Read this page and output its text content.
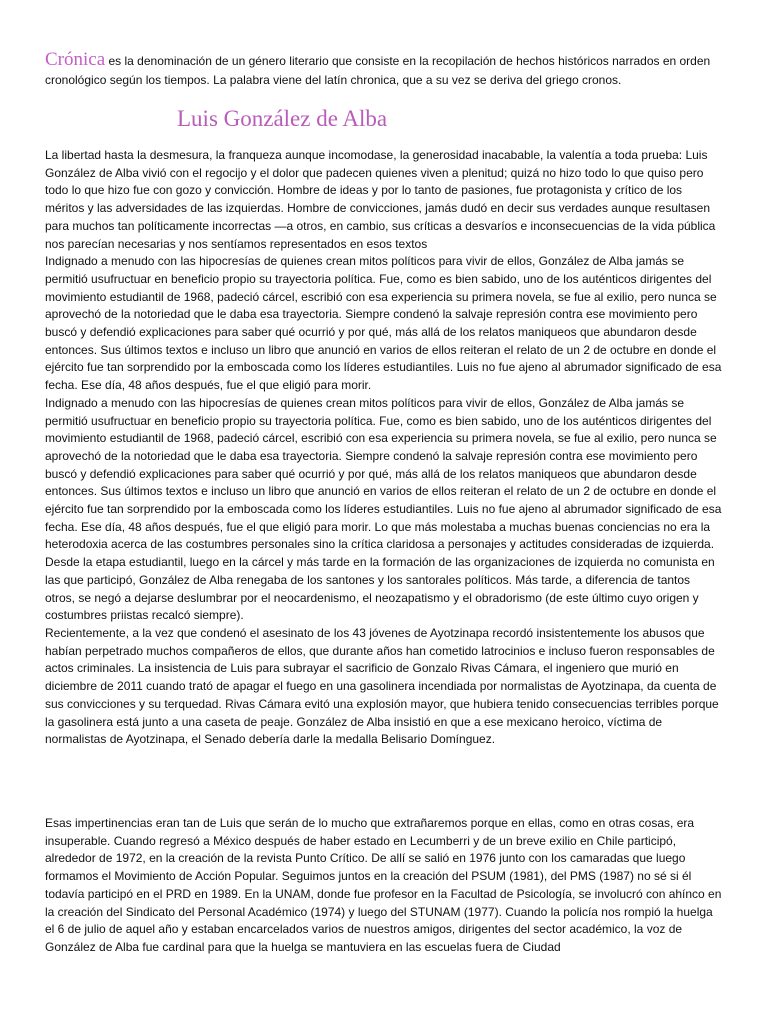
Crónica es la denominación de un género literario que consiste en la recopilación de hechos históricos narrados en orden cronológico según los tiempos. La palabra viene del latín chronica, que a su vez se deriva del griego cronos.

Luis González de Alba

La libertad hasta la desmesura, la franqueza aunque incomodase, la generosidad inacabable, la valentía a toda prueba: Luis González de Alba vivió con el regocijo y el dolor que padecen quienes viven a plenitud; quizá no hizo todo lo que quiso pero todo lo que hizo fue con gozo y convicción. Hombre de ideas y por lo tanto de pasiones, fue protagonista y crítico de los méritos y las adversidades de las izquierdas. Hombre de convicciones, jamás dudó en decir sus verdades aunque resultasen para muchos tan políticamente incorrectas —a otros, en cambio, sus críticas a desvaríos e inconsecuencias de la vida pública nos parecían necesarias y nos sentíamos representados en esos textos

Indignado a menudo con las hipocresías de quienes crean mitos políticos para vivir de ellos, González de Alba jamás se permitió usufructuar en beneficio propio su trayectoria política. Fue, como es bien sabido, uno de los auténticos dirigentes del movimiento estudiantil de 1968, padeció cárcel, escribió con esa experiencia su primera novela, se fue al exilio, pero nunca se aprovechó de la notoriedad que le daba esa trayectoria. Siempre condenó la salvaje represión contra ese movimiento pero buscó y defendió explicaciones para saber qué ocurrió y por qué, más allá de los relatos maniqueos que abundaron desde entonces. Sus últimos textos e incluso un libro que anunció en varios de ellos reiteran el relato de un 2 de octubre en donde el ejército fue tan sorprendido por la emboscada como los líderes estudiantiles. Luis no fue ajeno al abrumador significado de esa fecha. Ese día, 48 años después, fue el que eligió para morir.

Indignado a menudo con las hipocresías de quienes crean mitos políticos para vivir de ellos, González de Alba jamás se permitió usufructuar en beneficio propio su trayectoria política. Fue, como es bien sabido, uno de los auténticos dirigentes del movimiento estudiantil de 1968, padeció cárcel, escribió con esa experiencia su primera novela, se fue al exilio, pero nunca se aprovechó de la notoriedad que le daba esa trayectoria. Siempre condenó la salvaje represión contra ese movimiento pero buscó y defendió explicaciones para saber qué ocurrió y por qué, más allá de los relatos maniqueos que abundaron desde entonces. Sus últimos textos e incluso un libro que anunció en varios de ellos reiteran el relato de un 2 de octubre en donde el ejército fue tan sorprendido por la emboscada como los líderes estudiantiles. Luis no fue ajeno al abrumador significado de esa fecha. Ese día, 48 años después, fue el que eligió para morir. Lo que más molestaba a muchas buenas conciencias no era la heterodoxia acerca de las costumbres personales sino la crítica claridosa a personajes y actitudes consideradas de izquierda. Desde la etapa estudiantil, luego en la cárcel y más tarde en la formación de las organizaciones de izquierda no comunista en las que participó, González de Alba renegaba de los santones y los santorales políticos. Más tarde, a diferencia de tantos otros, se negó a dejarse deslumbrar por el neocardenismo, el neozapatismo y el obradorismo (de este último cuyo origen y costumbres priistas recalcó siempre).

Recientemente, a la vez que condenó el asesinato de los 43 jóvenes de Ayotzinapa recordó insistentemente los abusos que habían perpetrado muchos compañeros de ellos, que durante años han cometido latrocinios e incluso fueron responsables de actos criminales. La insistencia de Luis para subrayar el sacrificio de Gonzalo Rivas Cámara, el ingeniero que murió en diciembre de 2011 cuando trató de apagar el fuego en una gasolinera incendiada por normalistas de Ayotzinapa, da cuenta de sus convicciones y su terquedad. Rivas Cámara evitó una explosión mayor, que hubiera tenido consecuencias terribles porque la gasolinera está junto a una caseta de peaje. González de Alba insistió en que a ese mexicano heroico, víctima de normalistas de Ayotzinapa, el Senado debería darle la medalla Belisario Domínguez.

Esas impertinencias eran tan de Luis que serán de lo mucho que extrañaremos porque en ellas, como en otras cosas, era insuperable. Cuando regresó a México después de haber estado en Lecumberri y de un breve exilio en Chile participó, alrededor de 1972, en la creación de la revista Punto Crítico. De allí se salió en 1976 junto con los camaradas que luego formamos el Movimiento de Acción Popular. Seguimos juntos en la creación del PSUM (1981), del PMS (1987) no sé si él todavía participó en el PRD en 1989. En la UNAM, donde fue profesor en la Facultad de Psicología, se involucró con ahínco en la creación del Sindicato del Personal Académico (1974) y luego del STUNAM (1977). Cuando la policía nos rompió la huelga el 6 de julio de aquel año y estaban encarcelados varios de nuestros amigos, dirigentes del sector académico, la voz de González de Alba fue cardinal para que la huelga se mantuviera en las escuelas fuera de Ciudad
